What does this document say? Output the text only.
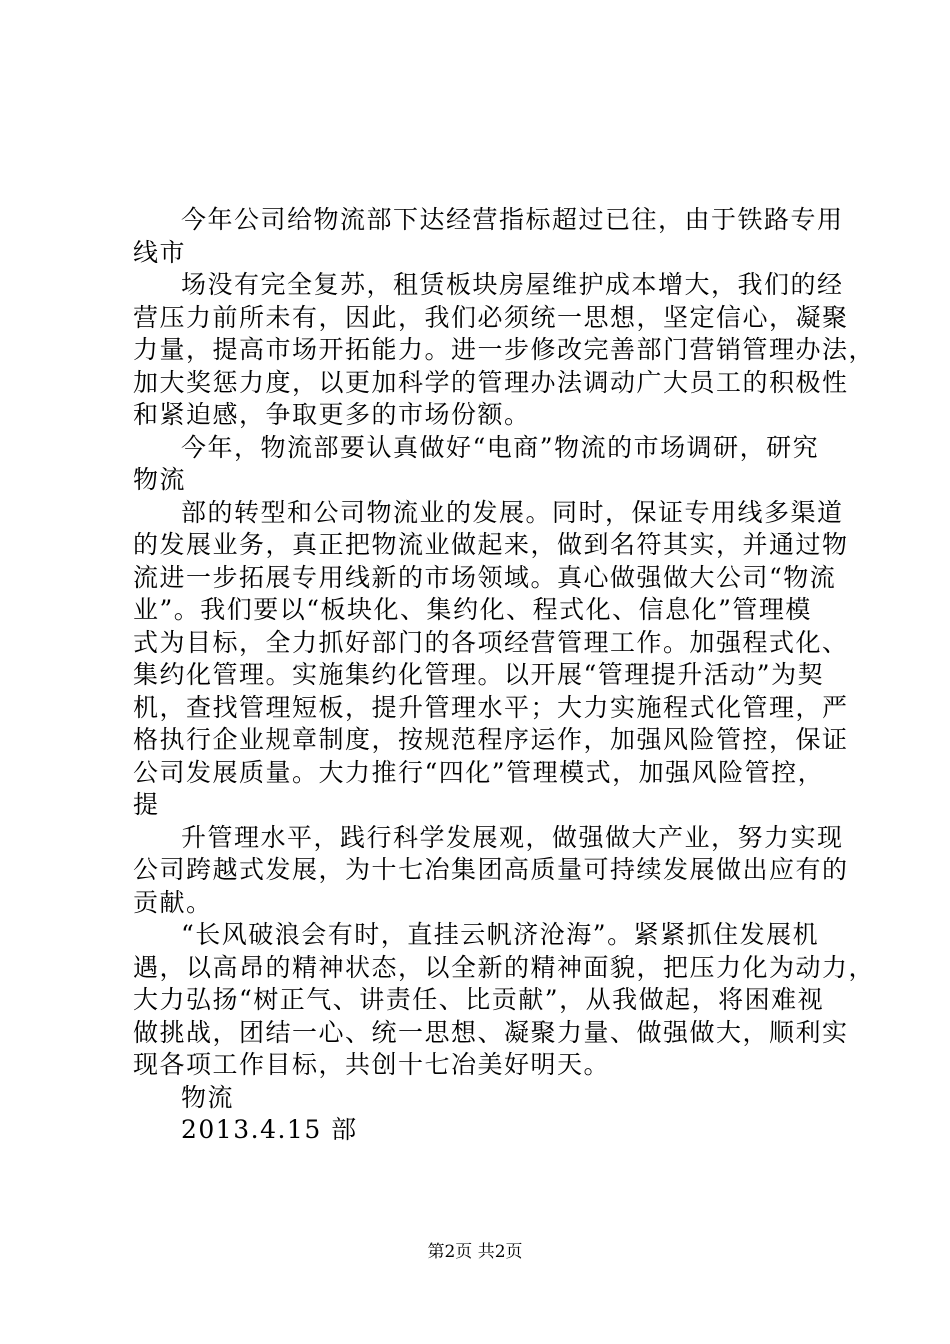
今年公司给物流部下达经营指标超过已往，由于铁路专用
线市
场没有完全复苏，租赁板块房屋维护成本增大，我们的经
营压力前所未有，因此，我们必须统一思想，坚定信心，凝聚
力量，提高市场开拓能力。进一步修改完善部门营销管理办法，
加大奖惩力度，以更加科学的管理办法调动广大员工的积极性
和紧迫感，争取更多的市场份额。
今年，物流部要认真做好“电商”物流的市场调研，研究
物流
部的转型和公司物流业的发展。同时，保证专用线多渠道
的发展业务，真正把物流业做起来，做到名符其实，并通过物
流进一步拓展专用线新的市场领域。真心做强做大公司“物流
业”。我们要以“板块化、集约化、程式化、信息化”管理模
式为目标，全力抓好部门的各项经营管理工作。加强程式化、
集约化管理。实施集约化管理。以开展“管理提升活动”为契
机，查找管理短板，提升管理水平；大力实施程式化管理，严
格执行企业规章制度，按规范程序运作，加强风险管控，保证
公司发展质量。大力推行“四化”管理模式，加强风险管控，
提
升管理水平，践行科学发展观，做强做大产业，努力实现
公司跨越式发展，为十七冶集团高质量可持续发展做出应有的
贡献。
“长风破浪会有时，直挂云帆济沧海”。紧紧抓住发展机
遇，以高昂的精神状态，以全新的精神面貌，把压力化为动力，
大力弘扬“树正气、讲责任、比贡献”，从我做起，将困难视
做挑战，团结一心、统一思想、凝聚力量、做强做大，顺利实
现各项工作目标，共创十七冶美好明天。
物流
2013.4.15 部
第2页 共2页
